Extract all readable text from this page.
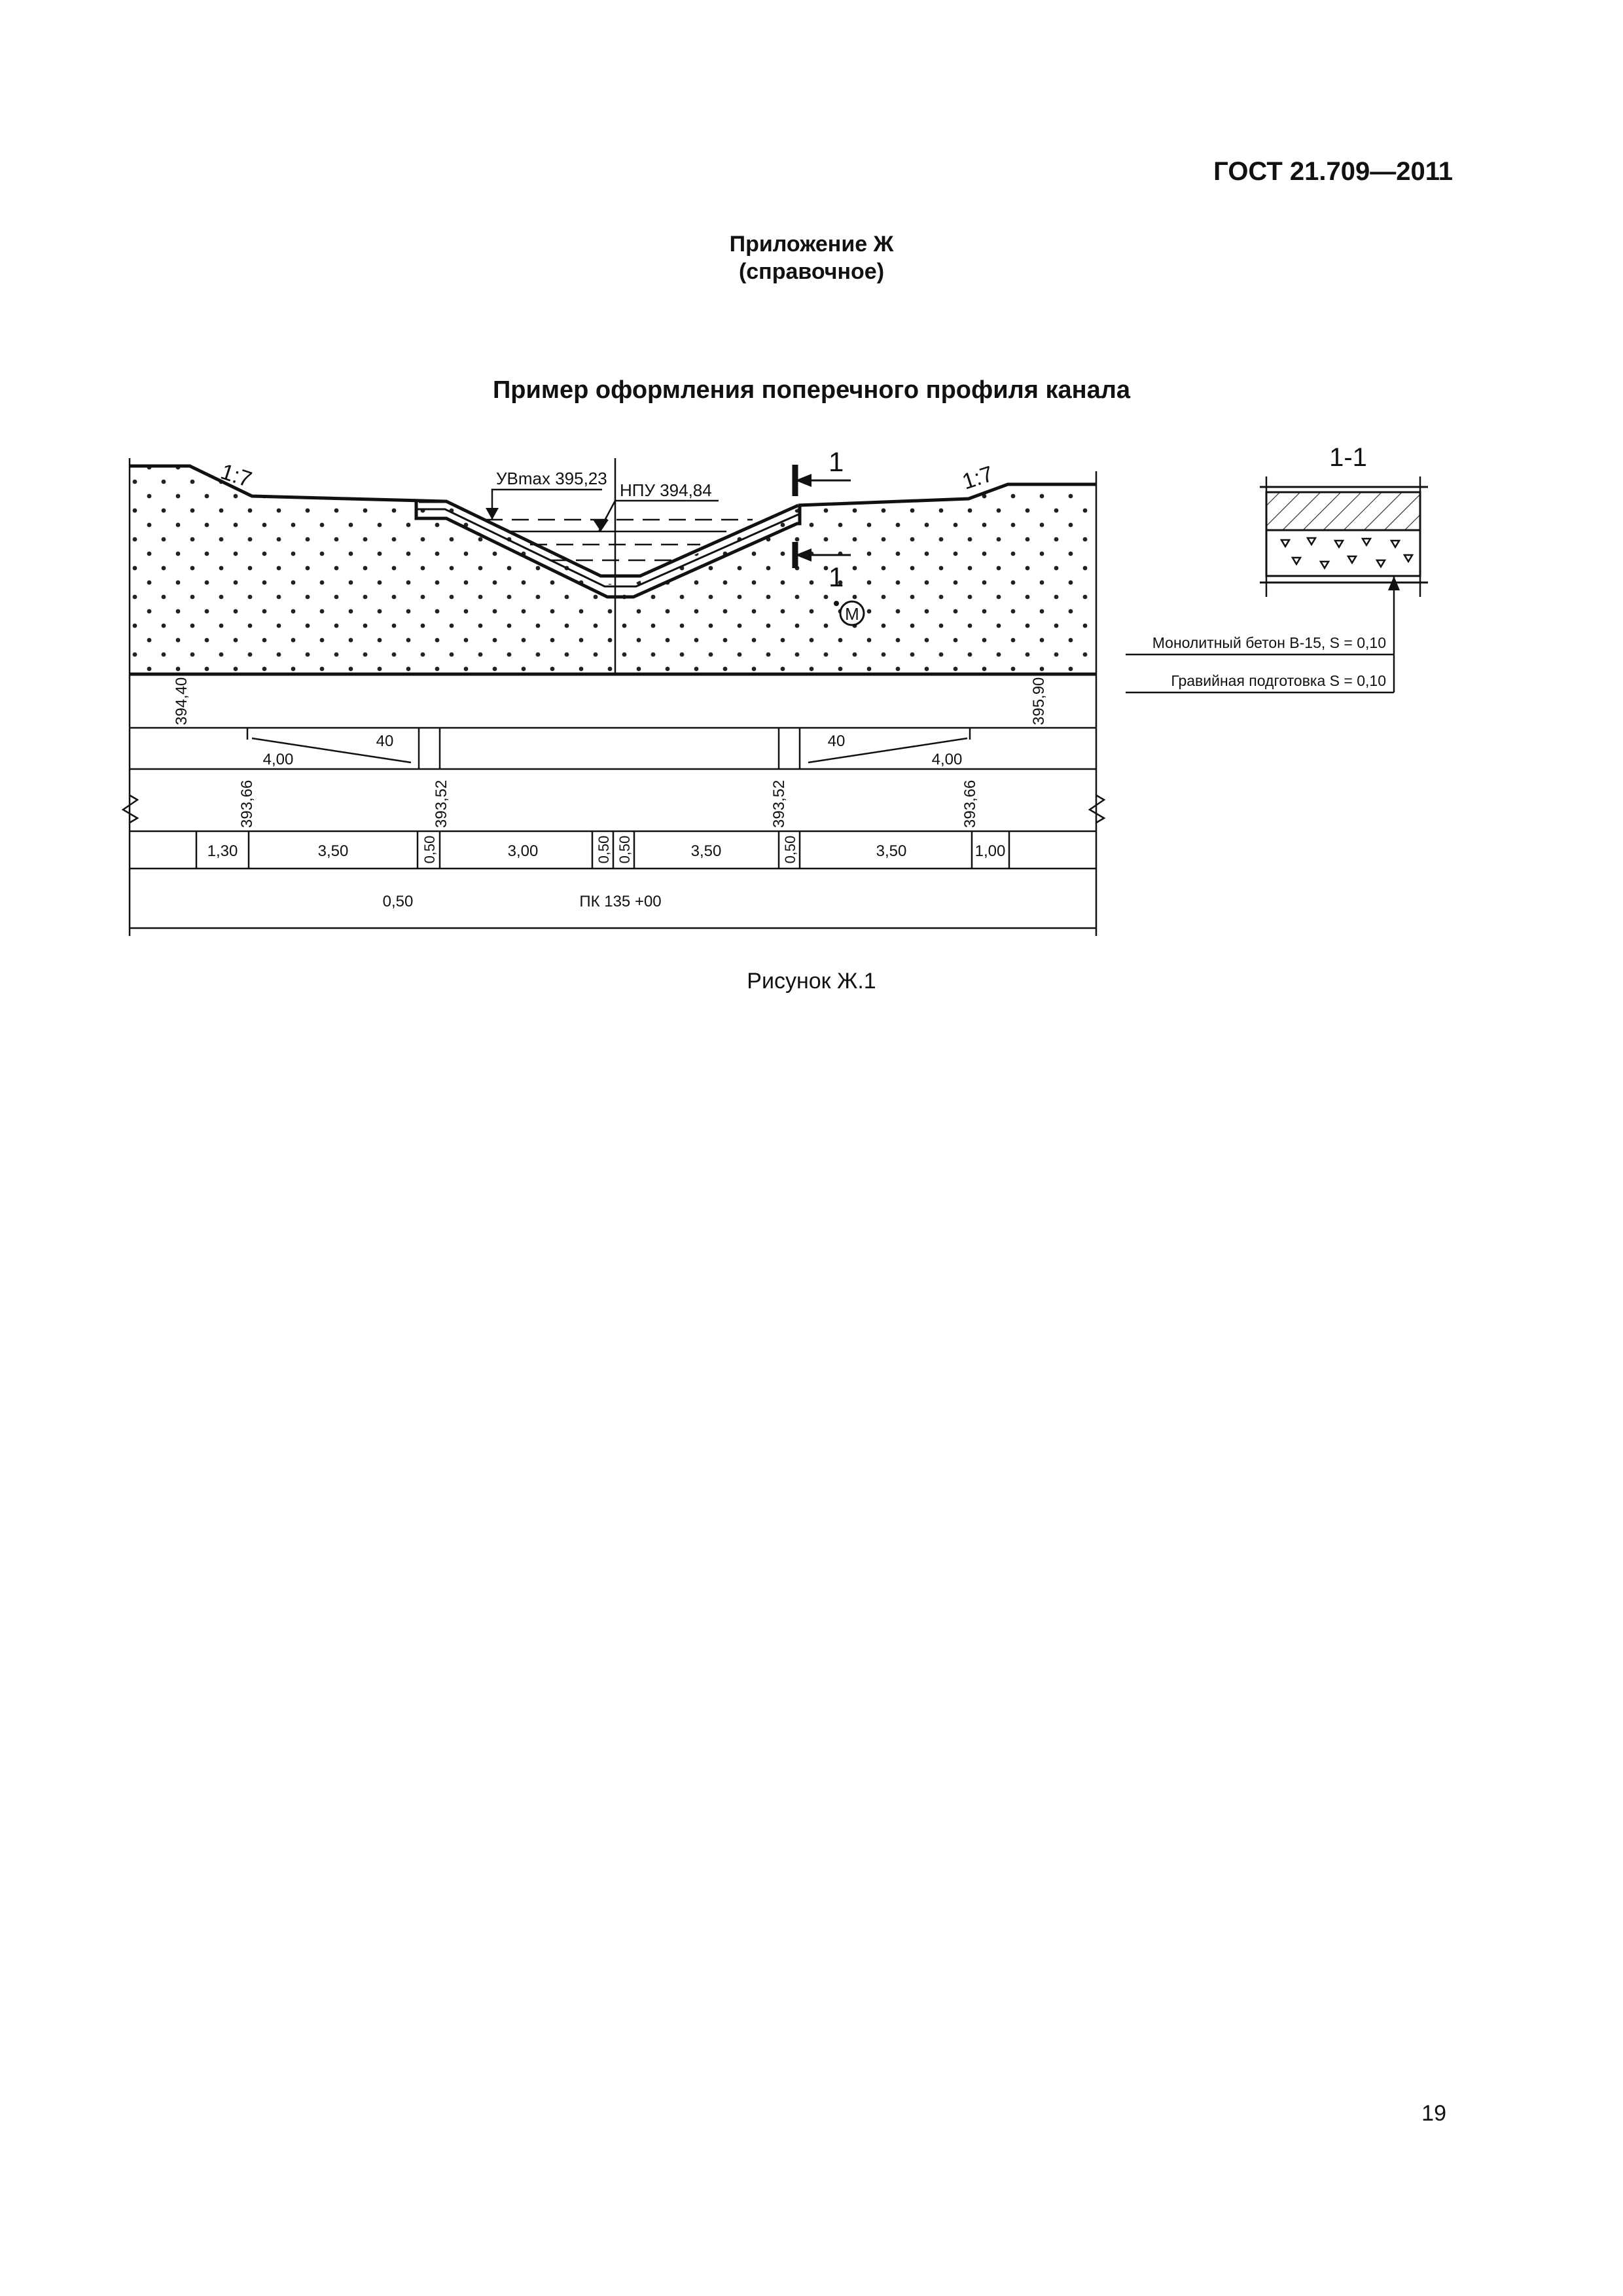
ГОСТ 21.709—2011
Приложение Ж
(справочное)
Пример оформления поперечного профиля канала
1
1
М
1:7	1:7
УВmax 395,23
НПУ 394,84
394,40	395,90
40
4,00
40
4,00
393,66	393,52	393,52	393,66
1,30	3,50	0,50	3,00	0,50 0,50	3,50	0,50	3,50	1,00
0,50	ПК 135 +00
1-1
Монолитный бетон В-15, S = 0,10
Гравийная подготовка S = 0,10
Рисунок Ж.1
19
